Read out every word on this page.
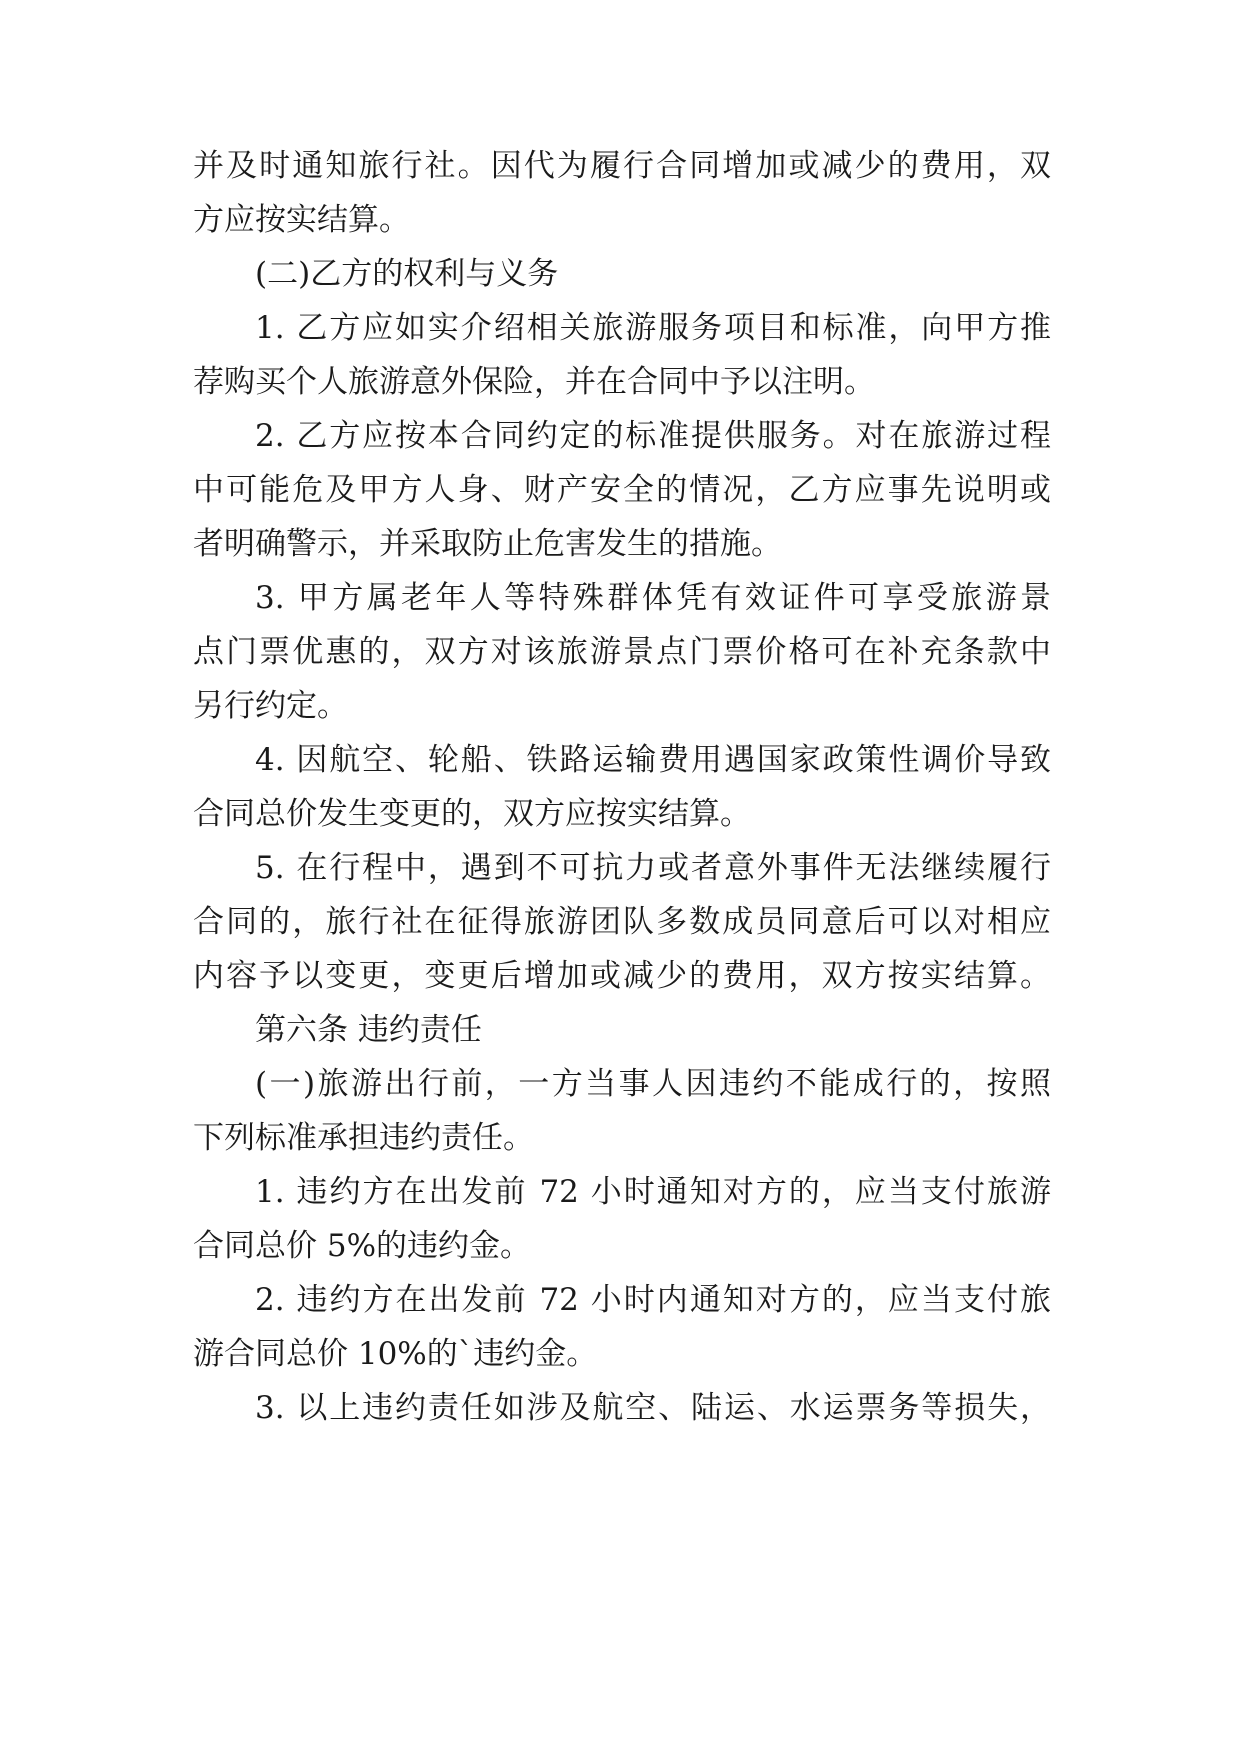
并及时通知旅行社。因代为履行合同增加或减少的费用，双
方应按实结算。
(二)乙方的权利与义务
1. 乙方应如实介绍相关旅游服务项目和标准，向甲方推
荐购买个人旅游意外保险，并在合同中予以注明。
2. 乙方应按本合同约定的标准提供服务。对在旅游过程
中可能危及甲方人身、财产安全的情况，乙方应事先说明或
者明确警示，并采取防止危害发生的措施。
3. 甲方属老年人等特殊群体凭有效证件可享受旅游景
点门票优惠的，双方对该旅游景点门票价格可在补充条款中
另行约定。
4. 因航空、轮船、铁路运输费用遇国家政策性调价导致
合同总价发生变更的，双方应按实结算。
5. 在行程中，遇到不可抗力或者意外事件无法继续履行
合同的，旅行社在征得旅游团队多数成员同意后可以对相应
内容予以变更，变更后增加或减少的费用，双方按实结算。
第六条 违约责任
(一)旅游出行前，一方当事人因违约不能成行的，按照
下列标准承担违约责任。
1. 违约方在出发前 72 小时通知对方的，应当支付旅游
合同总价 5%的违约金。
2. 违约方在出发前 72 小时内通知对方的，应当支付旅
游合同总价 10%的`违约金。
3. 以上违约责任如涉及航空、陆运、水运票务等损失，
